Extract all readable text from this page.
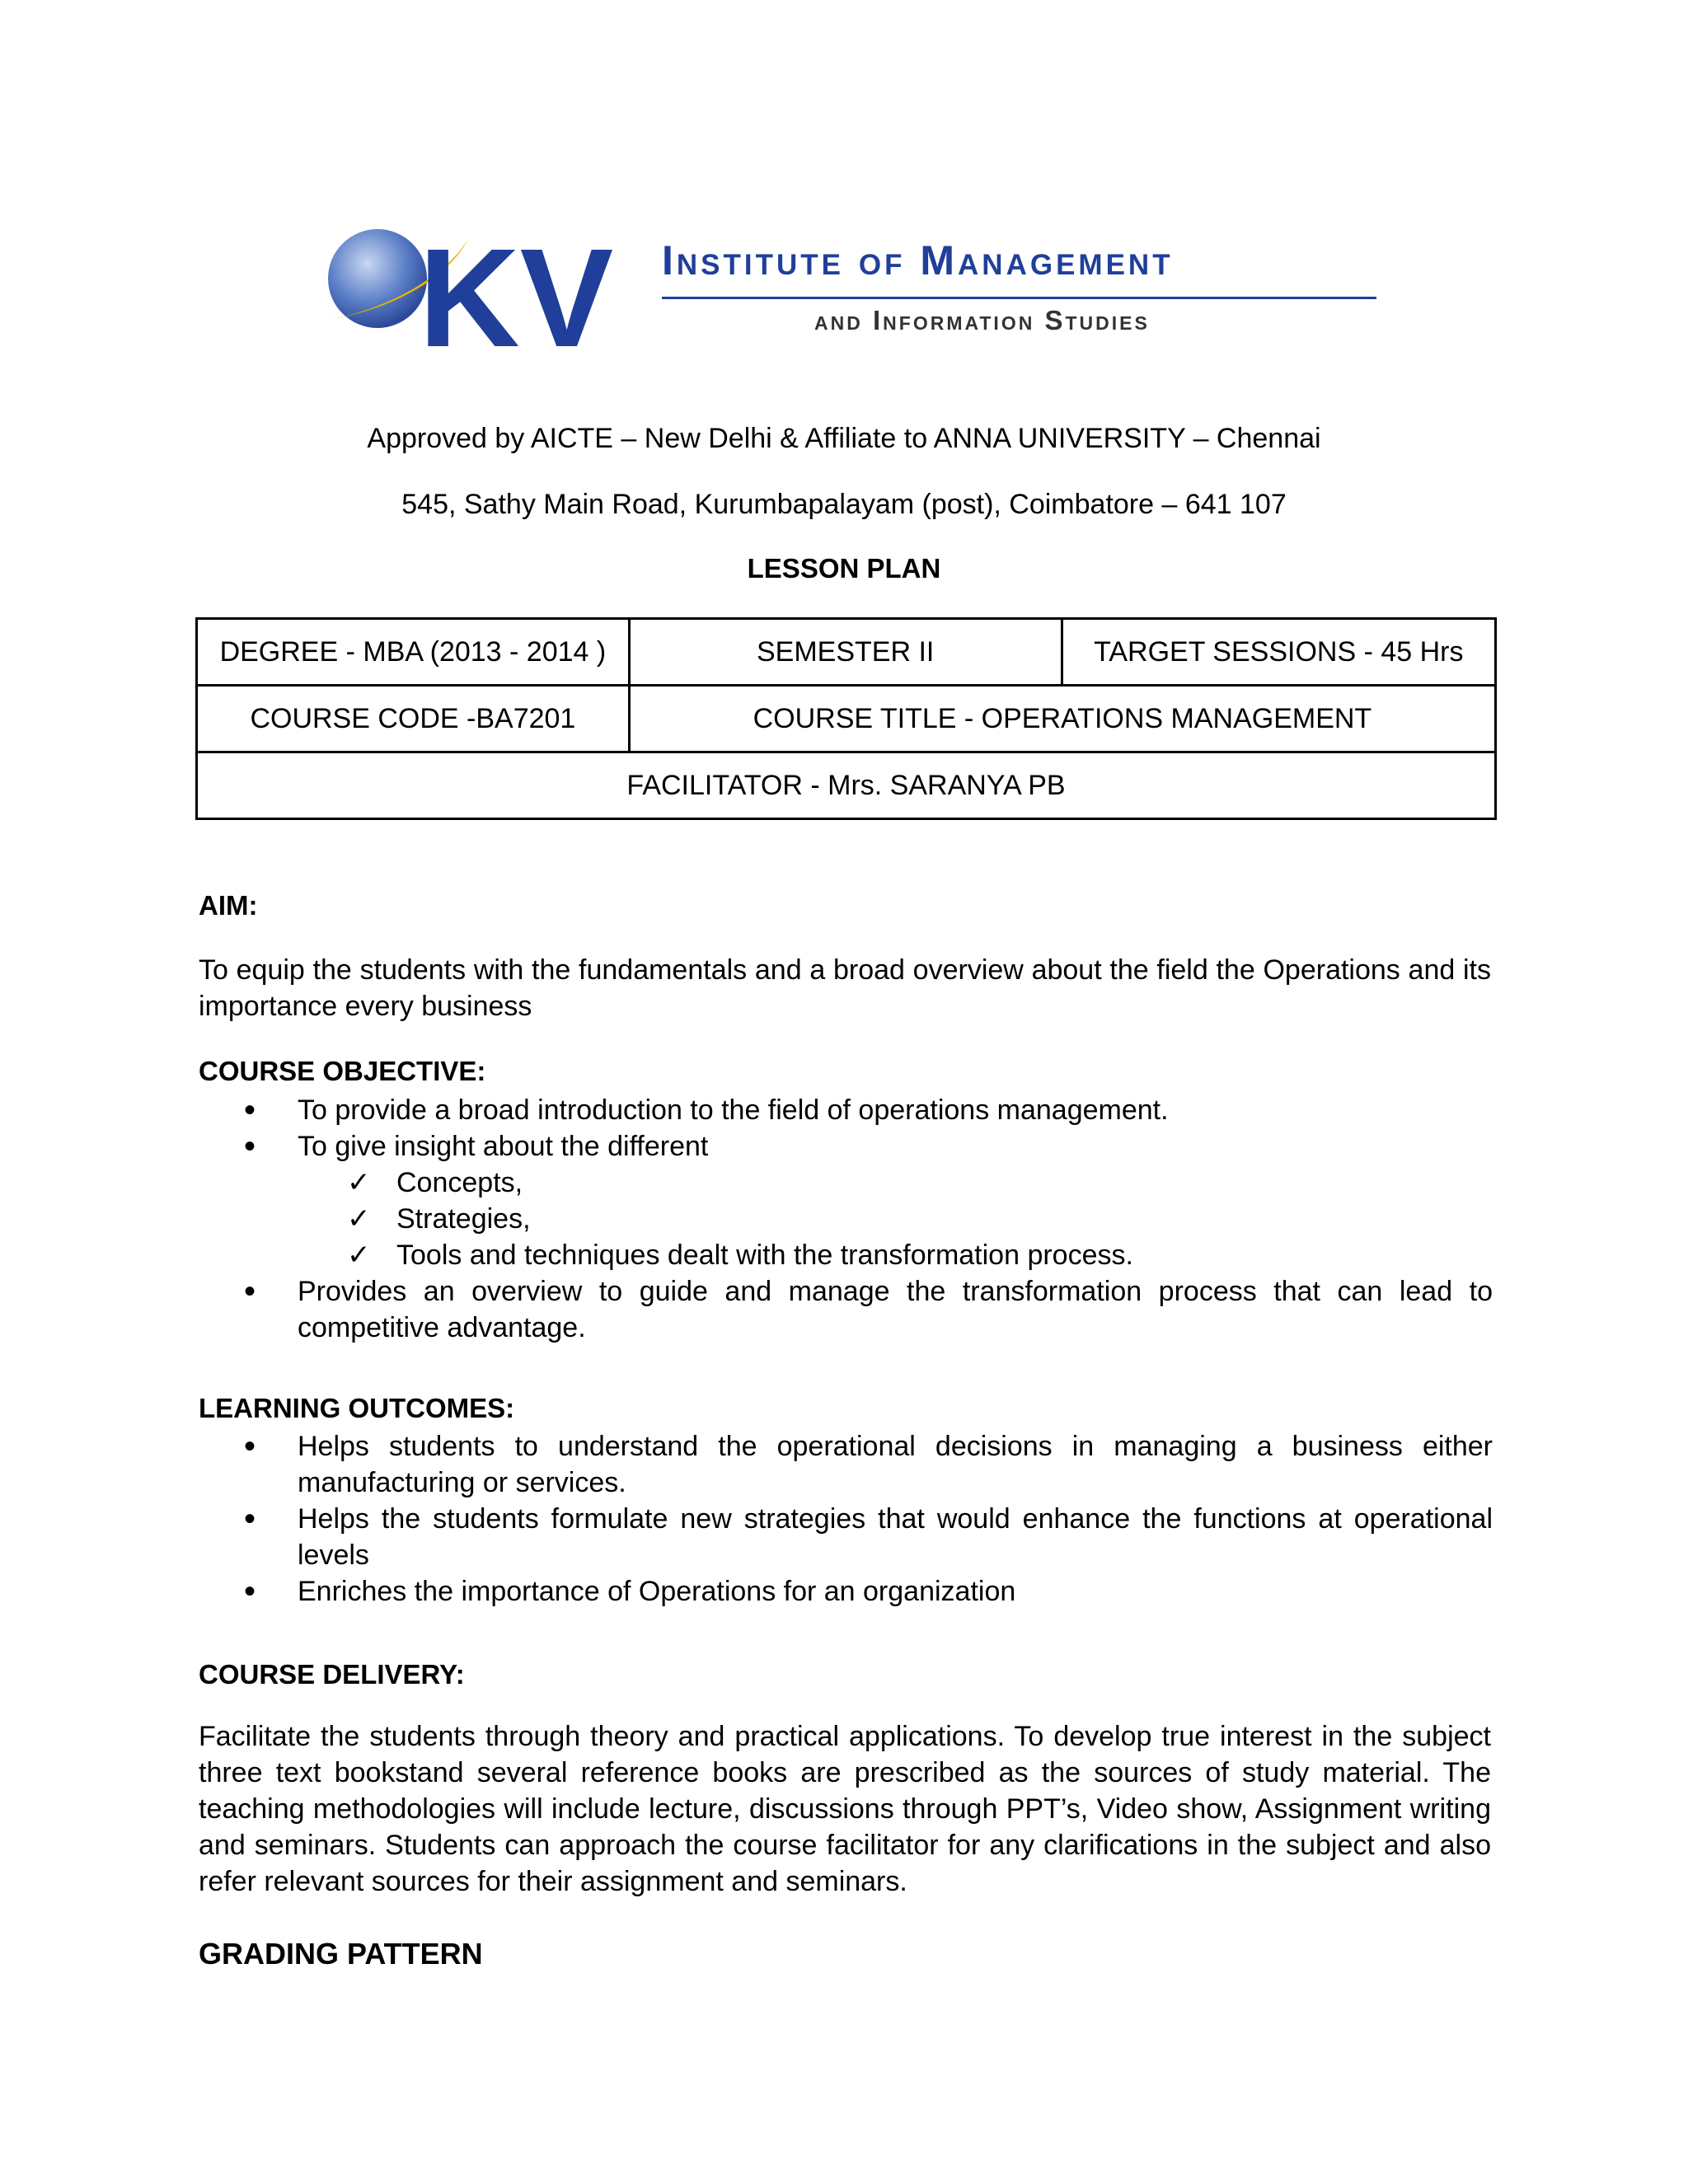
KV Institute of Management
and Information Studies
Approved by AICTE – New Delhi & Affiliate to ANNA UNIVERSITY – Chennai
545, Sathy Main Road, Kurumbapalayam (post), Coimbatore – 641 107
LESSON PLAN
DEGREE - MBA (2013 - 2014 )	SEMESTER II	TARGET SESSIONS - 45 Hrs
COURSE CODE -BA7201	COURSE TITLE - OPERATIONS MANAGEMENT	
FACILITATOR - Mrs. SARANYA PB		
AIM:
To equip the students with the fundamentals and a broad overview about the field the Operations and its importance every business
COURSE OBJECTIVE:
• To provide a broad introduction to the field of operations management.
• To give insight about the different
✓ Concepts,
✓ Strategies,
✓ Tools and techniques dealt with the transformation process.
• Provides an overview to guide and manage the transformation process that can lead to competitive advantage.
LEARNING OUTCOMES:
• Helps students to understand the operational decisions in managing a business either manufacturing or services.
• Helps the students formulate new strategies that would enhance the functions at operational levels
• Enriches the importance of Operations for an organization
COURSE DELIVERY:
Facilitate the students through theory and practical applications. To develop true interest in the subject three text bookstand several reference books are prescribed as the sources of study material. The teaching methodologies will include lecture, discussions through PPT’s, Video show, Assignment writing and seminars. Students can approach the course facilitator for any clarifications in the subject and also refer relevant sources for their assignment and seminars.
GRADING PATTERN
